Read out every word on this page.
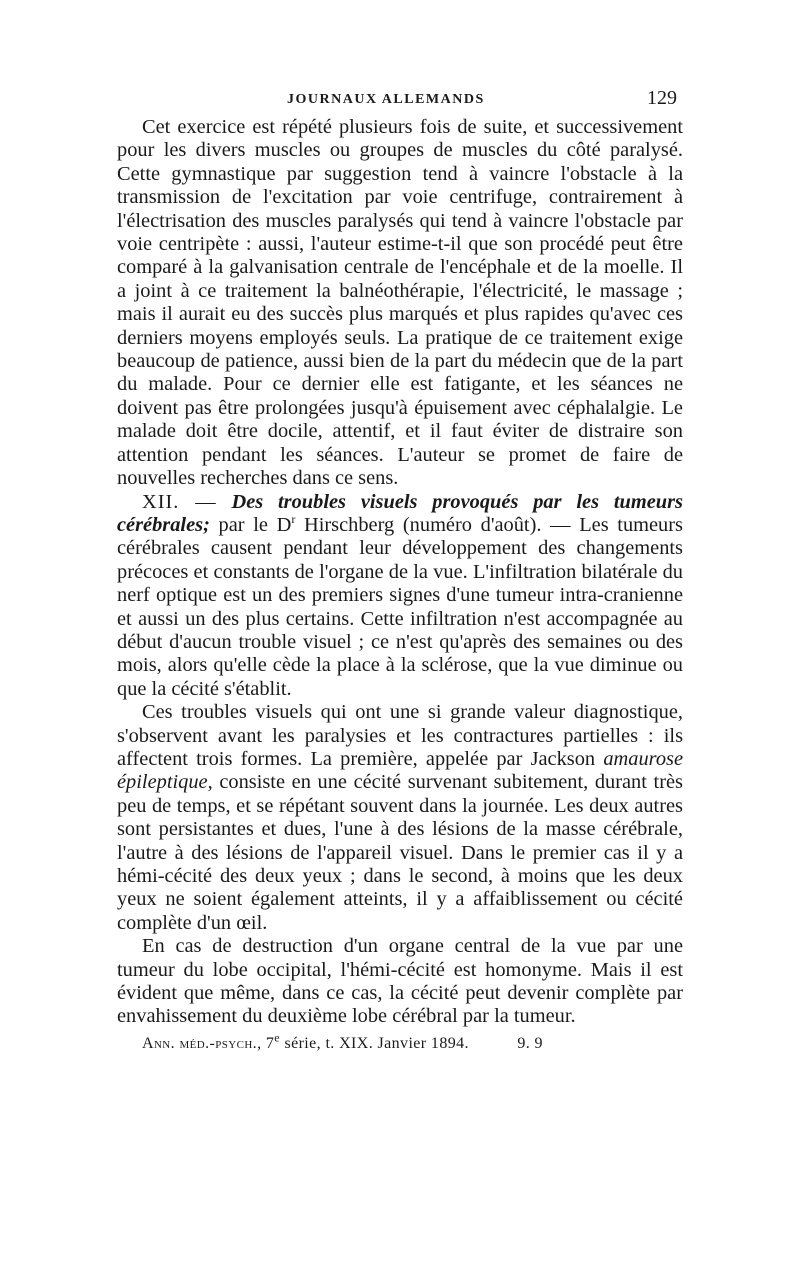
JOURNAUX ALLEMANDS	129

Cet exercice est répété plusieurs fois de suite, et successivement pour les divers muscles ou groupes de muscles du côté paralysé. Cette gymnastique par suggestion tend à vaincre l'obstacle à la transmission de l'excitation par voie centrifuge, contrairement à l'électrisation des muscles paralysés qui tend à vaincre l'obstacle par voie centripète : aussi, l'auteur estime-t-il que son procédé peut être comparé à la galvanisation centrale de l'encéphale et de la moelle. Il a joint à ce traitement la balnéothérapie, l'électricité, le massage ; mais il aurait eu des succès plus marqués et plus rapides qu'avec ces derniers moyens employés seuls. La pratique de ce traitement exige beaucoup de patience, aussi bien de la part du médecin que de la part du malade. Pour ce dernier elle est fatigante, et les séances ne doivent pas être prolongées jusqu'à épuisement avec céphalalgie. Le malade doit être docile, attentif, et il faut éviter de distraire son attention pendant les séances. L'auteur se promet de faire de nouvelles recherches dans ce sens.

XII. — Des troubles visuels provoqués par les tumeurs cérébrales; par le $D^r$ Hirschberg (numéro d'août). — Les tumeurs cérébrales causent pendant leur développement des changements précoces et constants de l'organe de la vue. L'infiltration bilatérale du nerf optique est un des premiers signes d'une tumeur intra-cranienne et aussi un des plus certains. Cette infiltration n'est accompagnée au début d'aucun trouble visuel ; ce n'est qu'après des semaines ou des mois, alors qu'elle cède la place à la sclérose, que la vue diminue ou que la cécité s'établit.

Ces troubles visuels qui ont une si grande valeur diagnostique, s'observent avant les paralysies et les contractures partielles : ils affectent trois formes. La première, appelée par Jackson amaurose épileptique, consiste en une cécité survenant subitement, durant très peu de temps, et se répétant souvent dans la journée. Les deux autres sont persistantes et dues, l'une à des lésions de la masse cérébrale, l'autre à des lésions de l'appareil visuel. Dans le premier cas il y a hémi-cécité des deux yeux ; dans le second, à moins que les deux yeux ne soient également atteints, il y a affaiblissement ou cécité complète d'un œil.

En cas de destruction d'un organe central de la vue par une tumeur du lobe occipital, l'hémi-cécité est homonyme. Mais il est évident que même, dans ce cas, la cécité peut devenir complète par envahissement du deuxième lobe cérébral par la tumeur.

Ann. méd.-psych., 7e série, t. XIX. Janvier 1894.	9. 9
